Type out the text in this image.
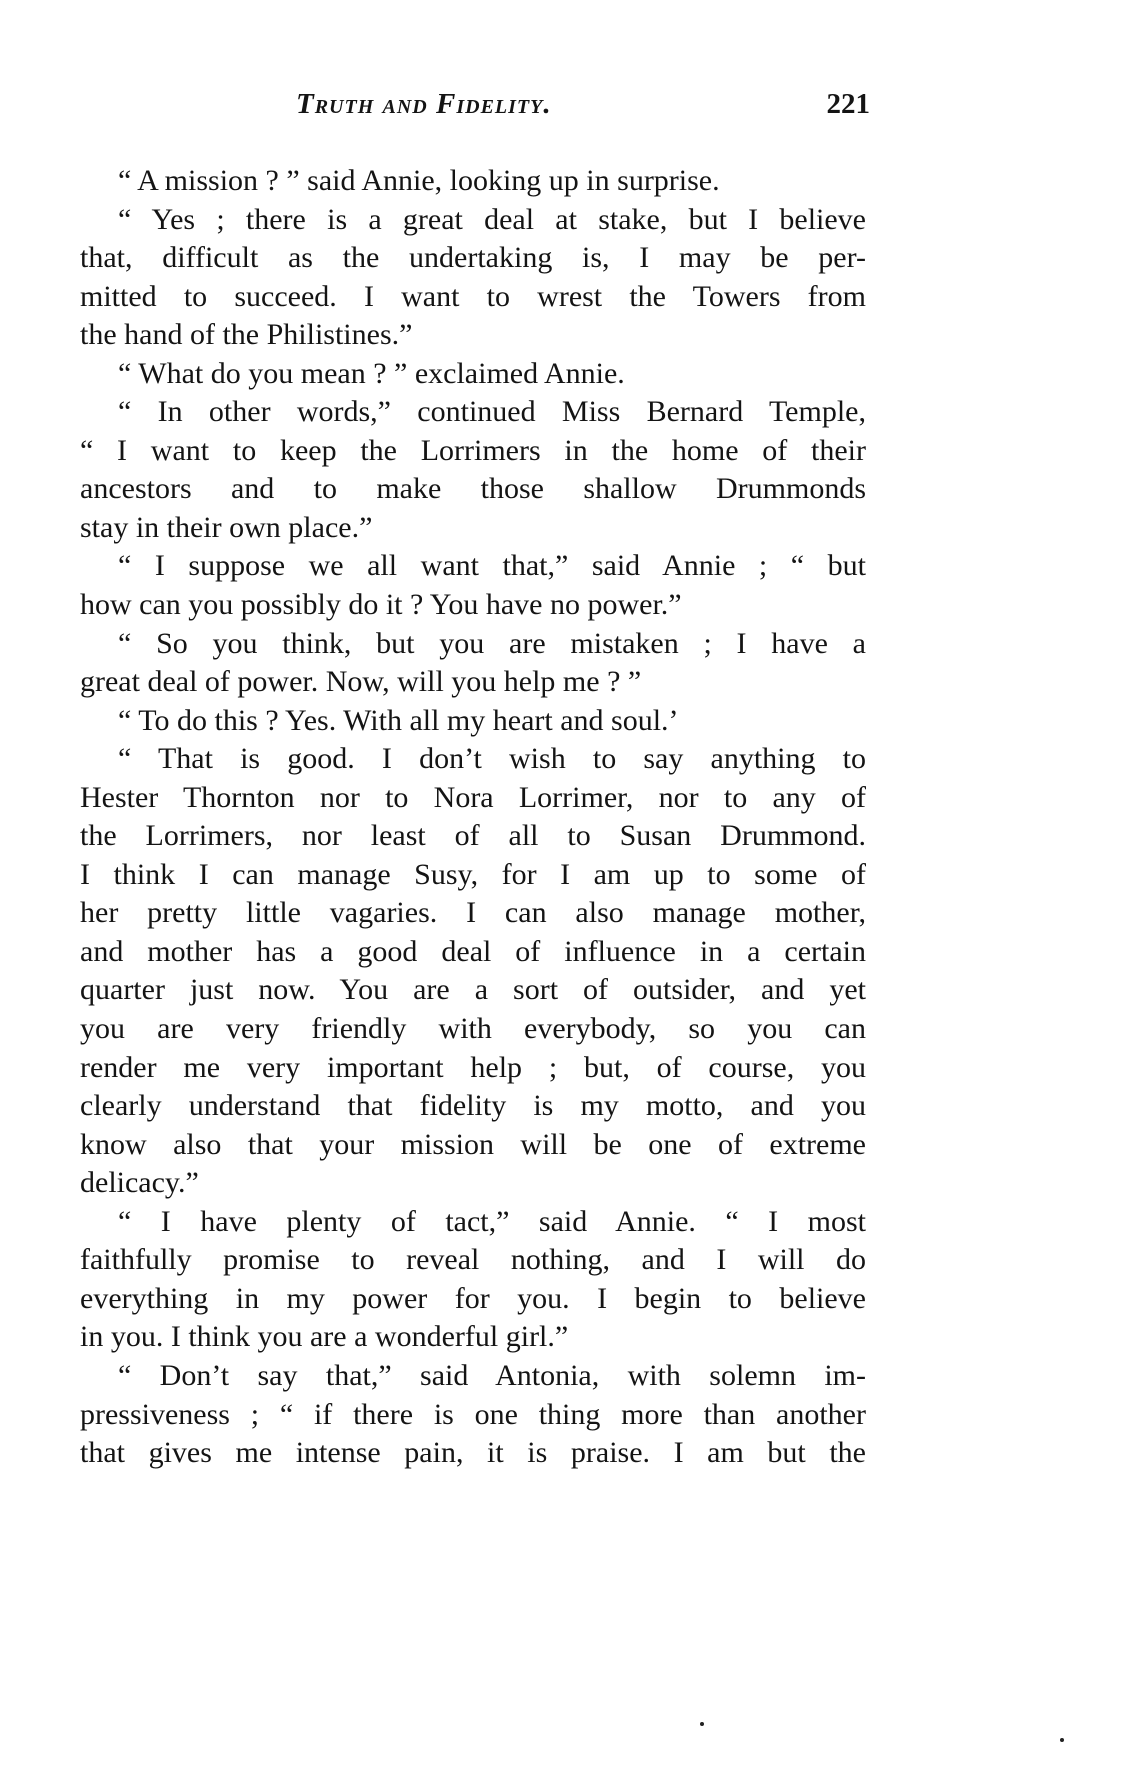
Truth and Fidelity.	221
“ A mission ? ” said Annie, looking up in surprise.
“ Yes ; there is a great deal at stake, but I believe
that, difficult as the undertaking is, I may be per-
mitted to succeed. I want to wrest the Towers from
the hand of the Philistines.”
“ What do you mean ? ” exclaimed Annie.
“ In other words,” continued Miss Bernard Temple,
“ I want to keep the Lorrimers in the home of their
ancestors and to make those shallow Drummonds
stay in their own place.”
“ I suppose we all want that,” said Annie ; “ but
how can you possibly do it ? You have no power.”
“ So you think, but you are mistaken ; I have a
great deal of power. Now, will you help me ? ”
“ To do this ? Yes. With all my heart and soul.’
“ That is good. I don’t wish to say anything to
Hester Thornton nor to Nora Lorrimer, nor to any of
the Lorrimers, nor least of all to Susan Drummond.
I think I can manage Susy, for I am up to some of
her pretty little vagaries. I can also manage mother,
and mother has a good deal of influence in a certain
quarter just now. You are a sort of outsider, and yet
you are very friendly with everybody, so you can
render me very important help ; but, of course, you
clearly understand that fidelity is my motto, and you
know also that your mission will be one of extreme
delicacy.”
“ I have plenty of tact,” said Annie. “ I most
faithfully promise to reveal nothing, and I will do
everything in my power for you. I begin to believe
in you. I think you are a wonderful girl.”
“ Don’t say that,” said Antonia, with solemn im-
pressiveness ; “ if there is one thing more than another
that gives me intense pain, it is praise. I am but the
